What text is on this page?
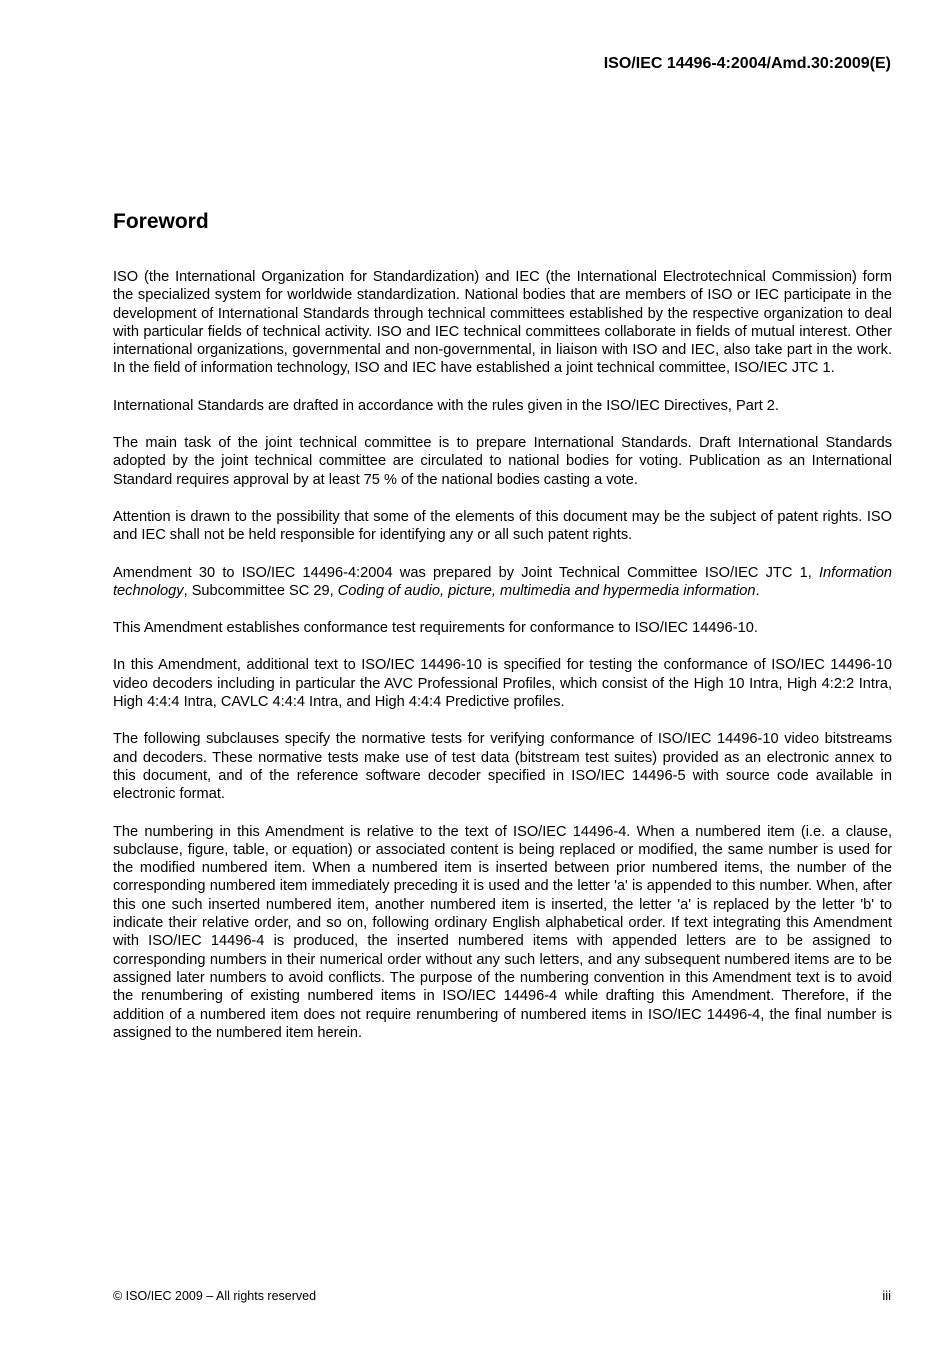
ISO/IEC 14496-4:2004/Amd.30:2009(E)
Foreword

ISO (the International Organization for Standardization) and IEC (the International Electrotechnical Commission) form the specialized system for worldwide standardization. National bodies that are members of ISO or IEC participate in the development of International Standards through technical committees established by the respective organization to deal with particular fields of technical activity. ISO and IEC technical committees collaborate in fields of mutual interest. Other international organizations, governmental and non-governmental, in liaison with ISO and IEC, also take part in the work. In the field of information technology, ISO and IEC have established a joint technical committee, ISO/IEC JTC 1.

International Standards are drafted in accordance with the rules given in the ISO/IEC Directives, Part 2.

The main task of the joint technical committee is to prepare International Standards. Draft International Standards adopted by the joint technical committee are circulated to national bodies for voting. Publication as an International Standard requires approval by at least 75 % of the national bodies casting a vote.

Attention is drawn to the possibility that some of the elements of this document may be the subject of patent rights. ISO and IEC shall not be held responsible for identifying any or all such patent rights.

Amendment 30 to ISO/IEC 14496-4:2004 was prepared by Joint Technical Committee ISO/IEC JTC 1, Information technology, Subcommittee SC 29, Coding of audio, picture, multimedia and hypermedia information.

This Amendment establishes conformance test requirements for conformance to ISO/IEC 14496-10.

In this Amendment, additional text to ISO/IEC 14496-10 is specified for testing the conformance of ISO/IEC 14496-10 video decoders including in particular the AVC Professional Profiles, which consist of the High 10 Intra, High 4:2:2 Intra, High 4:4:4 Intra, CAVLC 4:4:4 Intra, and High 4:4:4 Predictive profiles.

The following subclauses specify the normative tests for verifying conformance of ISO/IEC 14496-10 video bitstreams and decoders. These normative tests make use of test data (bitstream test suites) provided as an electronic annex to this document, and of the reference software decoder specified in ISO/IEC 14496-5 with source code available in electronic format.

The numbering in this Amendment is relative to the text of ISO/IEC 14496-4. When a numbered item (i.e. a clause, subclause, figure, table, or equation) or associated content is being replaced or modified, the same number is used for the modified numbered item. When a numbered item is inserted between prior numbered items, the number of the corresponding numbered item immediately preceding it is used and the letter 'a' is appended to this number. When, after this one such inserted numbered item, another numbered item is inserted, the letter 'a' is replaced by the letter 'b' to indicate their relative order, and so on, following ordinary English alphabetical order. If text integrating this Amendment with ISO/IEC 14496-4 is produced, the inserted numbered items with appended letters are to be assigned to corresponding numbers in their numerical order without any such letters, and any subsequent numbered items are to be assigned later numbers to avoid conflicts. The purpose of the numbering convention in this Amendment text is to avoid the renumbering of existing numbered items in ISO/IEC 14496-4 while drafting this Amendment. Therefore, if the addition of a numbered item does not require renumbering of numbered items in ISO/IEC 14496-4, the final number is assigned to the numbered item herein.

© ISO/IEC 2009 – All rights reserved	iii
